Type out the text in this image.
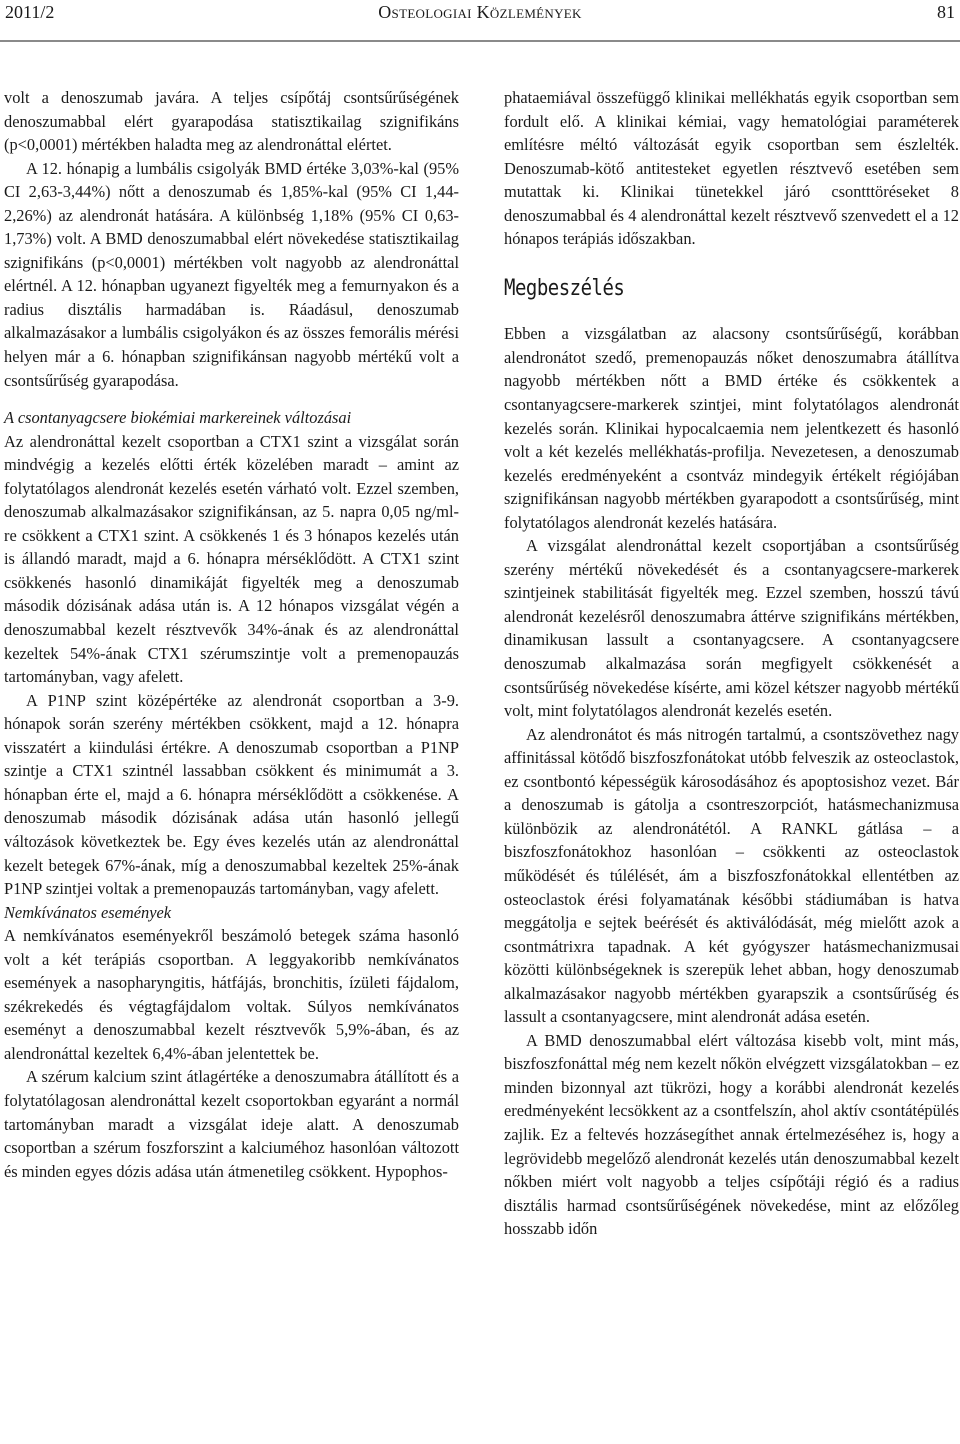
2011/2	Osteologiai Közlemények	81

volt a denoszumab javára. A teljes csípőtáj csontsűrűségének denoszumabbal elért gyarapodása statisztikailag szignifikáns (p<0,0001) mértékben haladta meg az alendronáttal elértet.

A 12. hónapig a lumbális csigolyák BMD értéke 3,03%-kal (95% CI 2,63-3,44%) nőtt a denoszumab és 1,85%-kal (95% CI 1,44-2,26%) az alendronát hatására. A különbség 1,18% (95% CI 0,63-1,73%) volt. A BMD denoszumabbal elért növekedése statisztikailag szignifikáns (p<0,0001) mértékben volt nagyobb az alendronáttal elértnél. A 12. hónapban ugyanezt figyelték meg a femurnyakon és a radius disztális harmadában is. Ráadásul, denoszumab alkalmazásakor a lumbális csigolyákon és az összes femorális mérési helyen már a 6. hónapban szignifikánsan nagyobb mértékű volt a csontsűrűség gyarapodása.

A csontanyagcsere biokémiai markereinek változásai

Az alendronáttal kezelt csoportban a CTX1 szint a vizsgálat során mindvégig a kezelés előtti érték közelében maradt – amint az folytatólagos alendronát kezelés esetén várható volt. Ezzel szemben, denoszumab alkalmazásakor szignifikánsan, az 5. napra 0,05 ng/ml-re csökkent a CTX1 szint. A csökkenés 1 és 3 hónapos kezelés után is állandó maradt, majd a 6. hónapra mérséklődött. A CTX1 szint csökkenés hasonló dinamikáját figyelték meg a denoszumab második dózisának adása után is. A 12 hónapos vizsgálat végén a denoszumabbal kezelt résztvevők 34%-ának és az alendronáttal kezeltek 54%-ának CTX1 szérumszintje volt a premenopauzás tartományban, vagy afelett.

A P1NP szint középértéke az alendronát csoportban a 3-9. hónapok során szerény mértékben csökkent, majd a 12. hónapra visszatért a kiindulási értékre. A denoszumab csoportban a P1NP szintje a CTX1 szintnél lassabban csökkent és minimumát a 3. hónapban érte el, majd a 6. hónapra mérséklődött a csökkenése. A denoszumab második dózisának adása után hasonló jellegű változások következtek be. Egy éves kezelés után az alendronáttal kezelt betegek 67%-ának, míg a denoszumabbal kezeltek 25%-ának P1NP szintjei voltak a premenopauzás tartományban, vagy afelett.

Nemkívánatos események

A nemkívánatos eseményekről beszámoló betegek száma hasonló volt a két terápiás csoportban. A leggyakoribb nemkívánatos események a nasopharyngitis, hátfájás, bronchitis, ízületi fájdalom, székrekedés és végtagfájdalom voltak. Súlyos nemkívánatos eseményt a denoszumabbal kezelt résztvevők 5,9%-ában, és az alendronáttal kezeltek 6,4%-ában jelentettek be.

A szérum kalcium szint átlagértéke a denoszumabra átállított és a folytatólagosan alendronáttal kezelt csoportokban egyaránt a normál tartományban maradt a vizsgálat ideje alatt. A denoszumab csoportban a szérum foszforszint a kalciuméhoz hasonlóan változott és minden egyes dózis adása után átmenetileg csökkent. Hypophos-

phataemiával összefüggő klinikai mellékhatás egyik csoportban sem fordult elő. A klinikai kémiai, vagy hematológiai paraméterek említésre méltó változását egyik csoportban sem észlelték. Denoszumab-kötő antitesteket egyetlen résztvevő esetében sem mutattak ki. Klinikai tünetekkel járó csontttöréseket 8 denoszumabbal és 4 alendronáttal kezelt résztvevő szenvedett el a 12 hónapos terápiás időszakban.

Megbeszélés

Ebben a vizsgálatban az alacsony csontsűrűségű, korábban alendronátot szedő, premenopauzás nőket denoszumabra átállítva nagyobb mértékben nőtt a BMD értéke és csökkentek a csontanyagcsere-markerek szintjei, mint folytatólagos alendronát kezelés során. Klinikai hypocalcaemia nem jelentkezett és hasonló volt a két kezelés mellékhatás-profilja. Nevezetesen, a denoszumab kezelés eredményeként a csontváz mindegyik értékelt régiójában szignifikánsan nagyobb mértékben gyarapodott a csontsűrűség, mint folytatólagos alendronát kezelés hatására.

A vizsgálat alendronáttal kezelt csoportjában a csontsűrűség szerény mértékű növekedését és a csontanyagcsere-markerek szintjeinek stabilitását figyelték meg. Ezzel szemben, hosszú távú alendronát kezelésről denoszumabra áttérve szignifikáns mértékben, dinamikusan lassult a csontanyagcsere. A csontanyagcsere denoszumab alkalmazása során megfigyelt csökkenését a csontsűrűség növekedése kísérte, ami közel kétszer nagyobb mértékű volt, mint folytatólagos alendronát kezelés esetén.

Az alendronátot és más nitrogén tartalmú, a csontszövethez nagy affinitással kötődő biszfoszfonátokat utóbb felveszik az osteoclastok, ez csontbontó képességük károsodásához és apoptosishoz vezet. Bár a denoszumab is gátolja a csontreszorpciót, hatásmechanizmusa különbözik az alendronátétól. A RANKL gátlása – a biszfoszfonátokhoz hasonlóan – csökkenti az osteoclastok működését és túlélését, ám a biszfoszfonátokkal ellentétben az osteoclastok érési folyamatának későbbi stádiumában is hatva meggátolja e sejtek beérését és aktiválódását, még mielőtt azok a csontmátrixra tapadnak. A két gyógyszer hatásmechanizmusai közötti különbségeknek is szerepük lehet abban, hogy denoszumab alkalmazásakor nagyobb mértékben gyarapszik a csontsűrűség és lassult a csontanyagcsere, mint alendronát adása esetén.

A BMD denoszumabbal elért változása kisebb volt, mint más, biszfoszfonáttal még nem kezelt nőkön elvégzett vizsgálatokban – ez minden bizonnyal azt tükrözi, hogy a korábbi alendronát kezelés eredményeként lecsökkent az a csontfelszín, ahol aktív csontátépülés zajlik. Ez a feltevés hozzásegíthet annak értelmezéséhez is, hogy a legrövidebb megelőző alendronát kezelés után denoszumabbal kezelt nőkben miért volt nagyobb a teljes csípőtáji régió és a radius disztális harmad csontsűrűségének növekedése, mint az előzőleg hosszabb időn
